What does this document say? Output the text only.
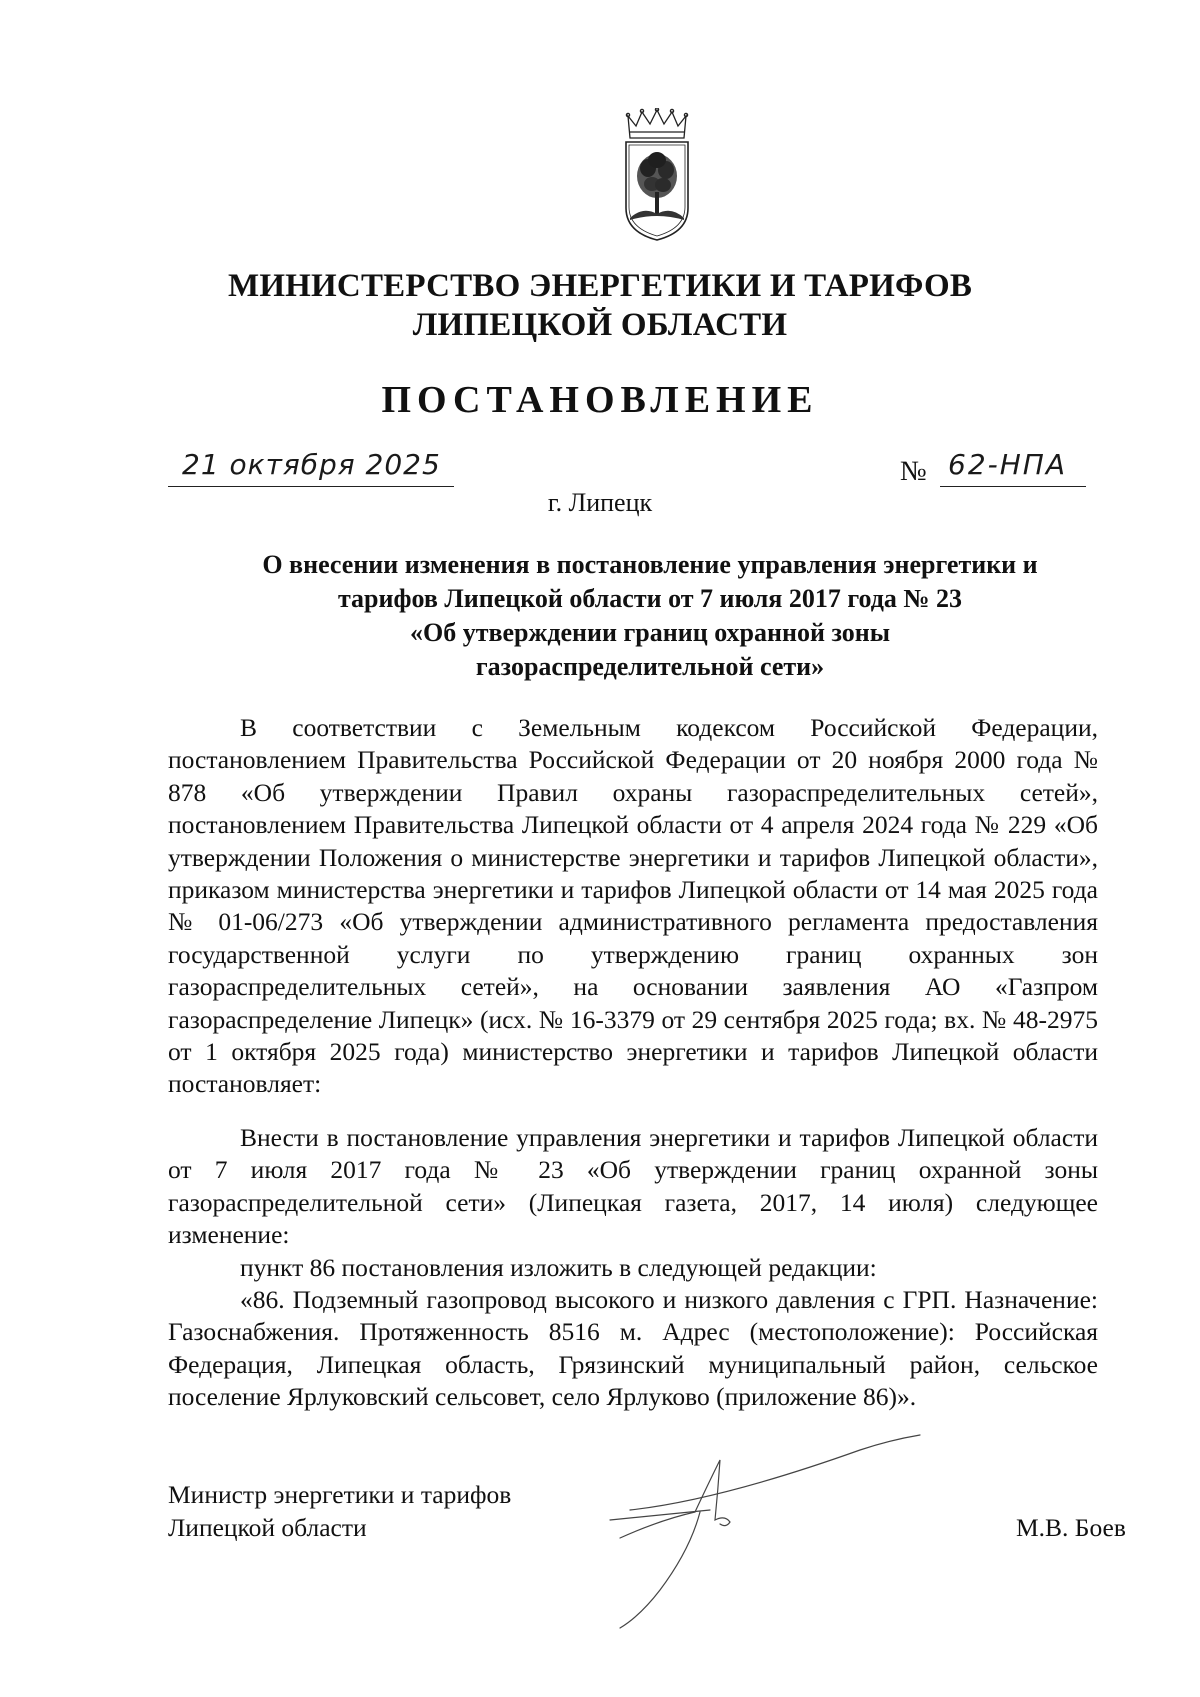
МИНИСТЕРСТВО ЭНЕРГЕТИКИ И ТАРИФОВ
ЛИПЕЦКОЙ ОБЛАСТИ
ПОСТАНОВЛЕНИЕ
21 октября 2025	№ 62-НПА
г. Липецк
О внесении изменения в постановление управления энергетики и
тарифов Липецкой области от 7 июля 2017 года № 23
«Об утверждении границ охранной зоны
газораспределительной сети»
В соответствии с Земельным кодексом Российской Федерации, постановлением Правительства Российской Федерации от 20 ноября 2000 года № 878 «Об утверждении Правил охраны газораспределительных сетей», постановлением Правительства Липецкой области от 4 апреля 2024 года № 229 «Об утверждении Положения о министерстве энергетики и тарифов Липецкой области», приказом министерства энергетики и тарифов Липецкой области от 14 мая 2025 года № 01-06/273 «Об утверждении административного регламента предоставления государственной услуги по утверждению границ охранных зон газораспределительных сетей», на основании заявления АО «Газпром газораспределение Липецк» (исх. № 16-3379 от 29 сентября 2025 года; вх. № 48-2975 от 1 октября 2025 года) министерство энергетики и тарифов Липецкой области постановляет:
Внести в постановление управления энергетики и тарифов Липецкой области от 7 июля 2017 года № 23 «Об утверждении границ охранной зоны газораспределительной сети» (Липецкая газета, 2017, 14 июля) следующее изменение:
пункт 86 постановления изложить в следующей редакции:
«86. Подземный газопровод высокого и низкого давления с ГРП. Назначение: Газоснабжения. Протяженность 8516 м. Адрес (местоположение): Российская Федерация, Липецкая область, Грязинский муниципальный район, сельское поселение Ярлуковский сельсовет, село Ярлуково (приложение 86)».
Министр энергетики и тарифов
Липецкой области	М.В. Боев
